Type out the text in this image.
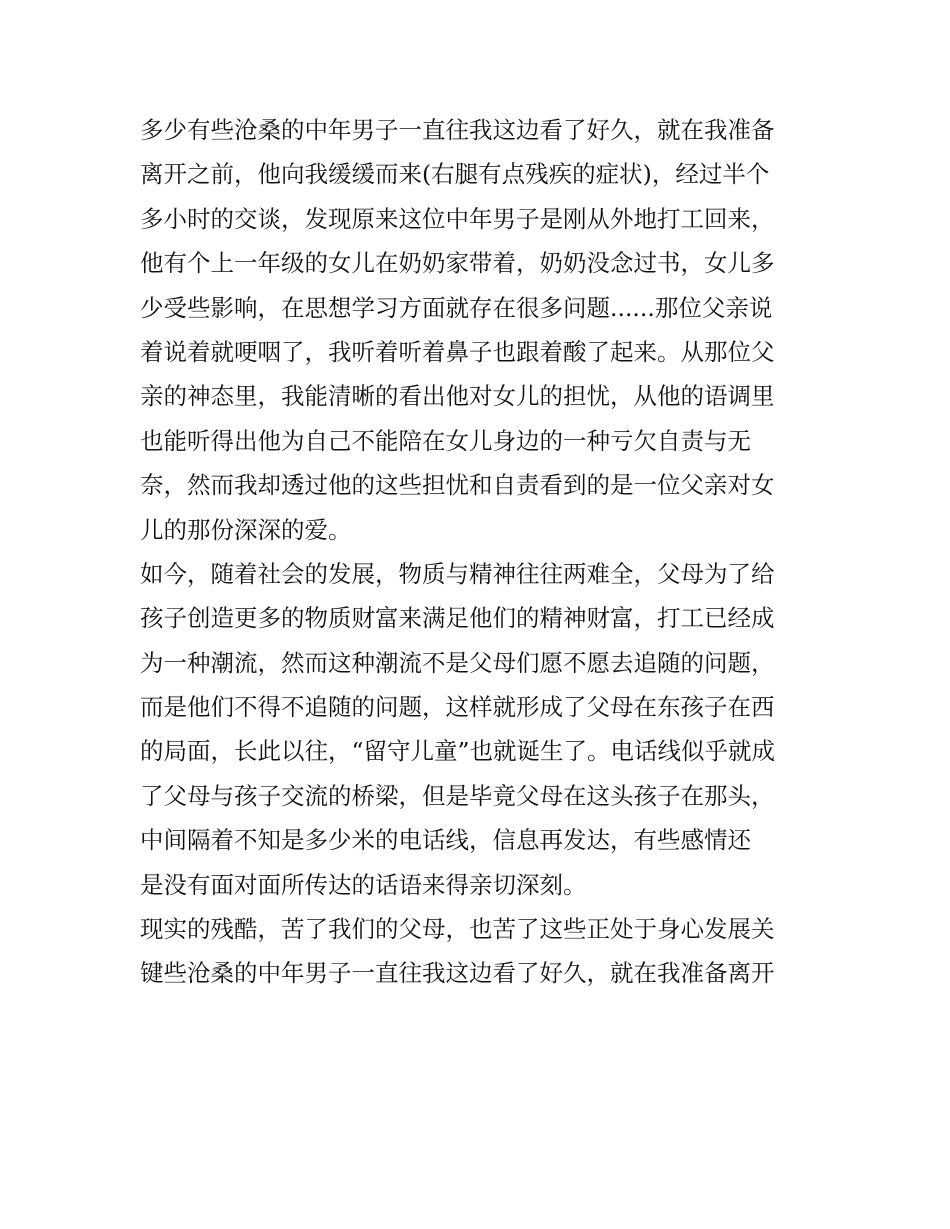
多少有些沧桑的中年男子一直往我这边看了好久，就在我准备
离开之前，他向我缓缓而来(右腿有点残疾的症状)，经过半个
多小时的交谈，发现原来这位中年男子是刚从外地打工回来，
他有个上一年级的女儿在奶奶家带着，奶奶没念过书，女儿多
少受些影响，在思想学习方面就存在很多问题......那位父亲说
着说着就哽咽了，我听着听着鼻子也跟着酸了起来。从那位父
亲的神态里，我能清晰的看出他对女儿的担忧，从他的语调里
也能听得出他为自己不能陪在女儿身边的一种亏欠自责与无
奈，然而我却透过他的这些担忧和自责看到的是一位父亲对女
儿的那份深深的爱。
如今，随着社会的发展，物质与精神往往两难全，父母为了给
孩子创造更多的物质财富来满足他们的精神财富，打工已经成
为一种潮流，然而这种潮流不是父母们愿不愿去追随的问题，
而是他们不得不追随的问题，这样就形成了父母在东孩子在西
的局面，长此以往，“留守儿童”也就诞生了。电话线似乎就成
了父母与孩子交流的桥梁，但是毕竟父母在这头孩子在那头，
中间隔着不知是多少米的电话线，信息再发达，有些感情还
是没有面对面所传达的话语来得亲切深刻。
现实的残酷，苦了我们的父母，也苦了这些正处于身心发展关
键些沧桑的中年男子一直往我这边看了好久，就在我准备离开
